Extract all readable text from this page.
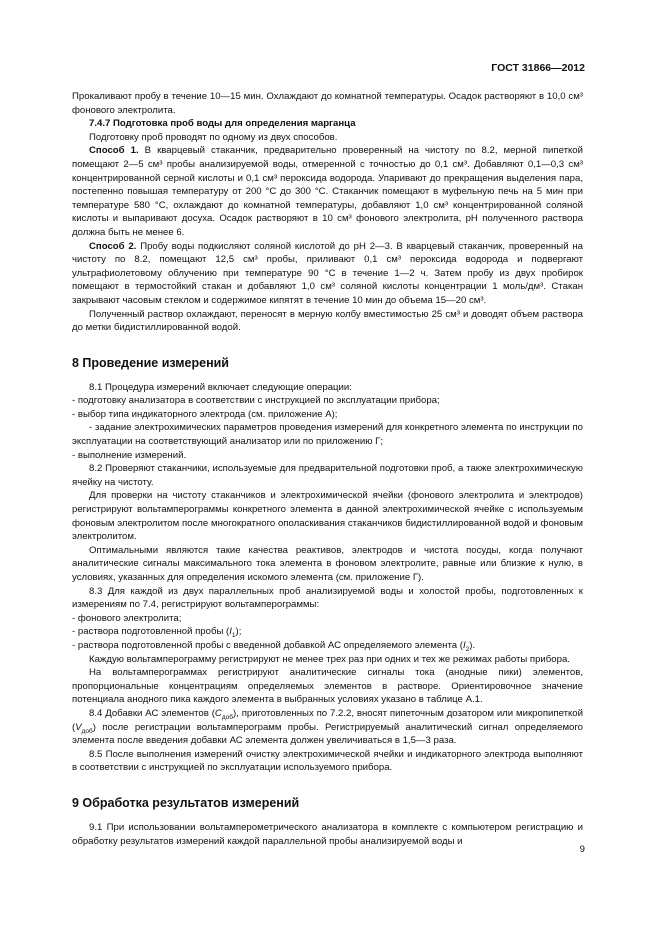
ГОСТ 31866—2012

Прокаливают пробу в течение 10—15 мин. Охлаждают до комнатной температуры. Осадок растворяют в 10,0 см³ фонового электролита.

7.4.7 Подготовка проб воды для определения марганца

Подготовку проб проводят по одному из двух способов.

Способ 1. В кварцевый стаканчик, предварительно проверенный на чистоту по 8.2, мерной пипеткой помещают 2—5 см³ пробы анализируемой воды, отмеренной с точностью до 0,1 см³. Добавляют 0,1—0,3 см³ концентрированной серной кислоты и 0,1 см³ пероксида водорода. Упаривают до прекращения выделения пара, постепенно повышая температуру от 200 °С до 300 °С. Стаканчик помещают в муфельную печь на 5 мин при температуре 580 °С, охлаждают до комнатной температуры, добавляют 1,0 см³ концентрированной соляной кислоты и выпаривают досуха. Осадок растворяют в 10 см³ фонового электролита, pH полученного раствора должна быть не менее 6.

Способ 2. Пробу воды подкисляют соляной кислотой до pH 2—3. В кварцевый стаканчик, проверенный на чистоту по 8.2, помещают 12,5 см³ пробы, приливают 0,1 см³ пероксида водорода и подвергают ультрафиолетовому облучению при температуре 90 °С в течение 1—2 ч. Затем пробу из двух пробирок помещают в термостойкий стакан и добавляют 1,0 см³ соляной кислоты концентрации 1 моль/дм³. Стакан закрывают часовым стеклом и содержимое кипятят в течение 10 мин до объема 15—20 см³.

Полученный раствор охлаждают, переносят в мерную колбу вместимостью 25 см³ и доводят объем раствора до метки бидистиллированной водой.

8 Проведение измерений

8.1 Процедура измерений включает следующие операции:

- подготовку анализатора в соответствии с инструкцией по эксплуатации прибора;

- выбор типа индикаторного электрода (см. приложение А);

- задание электрохимических параметров проведения измерений для конкретного элемента по инструкции по эксплуатации на соответствующий анализатор или по приложению Г;

- выполнение измерений.

8.2 Проверяют стаканчики, используемые для предварительной подготовки проб, а также электрохимическую ячейку на чистоту.

Для проверки на чистоту стаканчиков и электрохимической ячейки (фонового электролита и электродов) регистрируют вольтамперограммы конкретного элемента в данной электрохимической ячейке с используемым фоновым электролитом после многократного ополаскивания стаканчиков бидистиллированной водой и фоновым электролитом.

Оптимальными являются такие качества реактивов, электродов и чистота посуды, когда получают аналитические сигналы максимального тока элемента в фоновом электролите, равные или близкие к нулю, в условиях, указанных для определения искомого элемента (см. приложение Г).

8.3 Для каждой из двух параллельных проб анализируемой воды и холостой пробы, подготовленных к измерениям по 7.4, регистрируют вольтамперограммы:

- фонового электролита;

- раствора подготовленной пробы $(I_1)$;

- раствора подготовленной пробы с введенной добавкой АС определяемого элемента $(I_2)$.

Каждую вольтамперограмму регистрируют не менее трех раз при одних и тех же режимах работы прибора.

На вольтамперограммах регистрируют аналитические сигналы тока (анодные пики) элементов, пропорциональные концентрациям определяемых элементов в растворе. Ориентировочное значение потенциала анодного пика каждого элемента в выбранных условиях указано в таблице А.1.

8.4 Добавки АС элементов $(C_{доб})$, приготовленных по 7.2.2, вносят пипеточным дозатором или микропипеткой $(V_{доб})$ после регистрации вольтамперограмм пробы. Регистрируемый аналитический сигнал определяемого элемента после введения добавки АС элемента должен увеличиваться в 1,5—3 раза.

8.5 После выполнения измерений очистку электрохимической ячейки и индикаторного электрода выполняют в соответствии с инструкцией по эксплуатации используемого прибора.

9 Обработка результатов измерений

9.1 При использовании вольтамперометрического анализатора в комплекте с компьютером регистрацию и обработку результатов измерений каждой параллельной пробы анализируемой воды и

9
